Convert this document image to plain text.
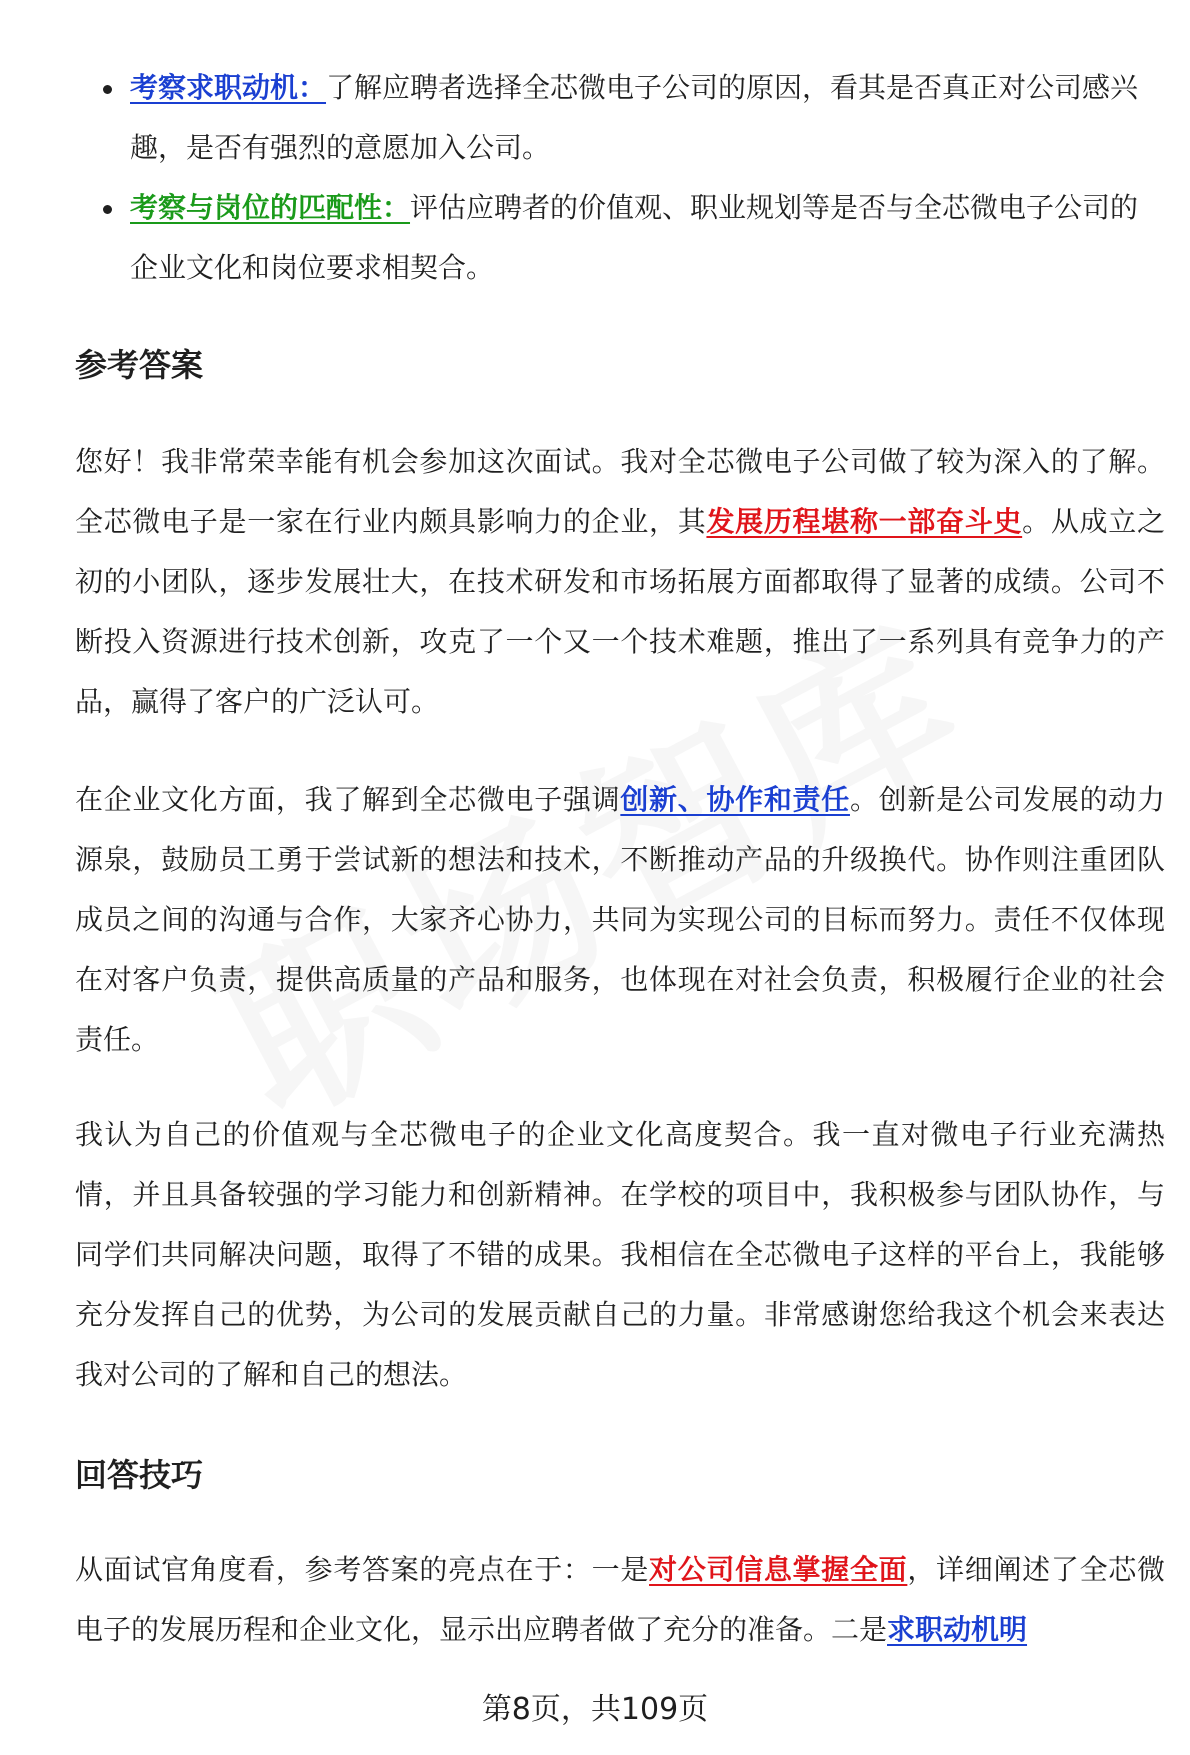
考察求职动机：了解应聘者选择全芯微电子公司的原因，看其是否真正对公司感兴趣，是否有强烈的意愿加入公司。
考察与岗位的匹配性：评估应聘者的价值观、职业规划等是否与全芯微电子公司的企业文化和岗位要求相契合。
参考答案

您好！我非常荣幸能有机会参加这次面试。我对全芯微电子公司做了较为深入的了解。全芯微电子是一家在行业内颇具影响力的企业，其发展历程堪称一部奋斗史。从成立之初的小团队，逐步发展壮大，在技术研发和市场拓展方面都取得了显著的成绩。公司不断投入资源进行技术创新，攻克了一个又一个技术难题，推出了一系列具有竞争力的产品，赢得了客户的广泛认可。

在企业文化方面，我了解到全芯微电子强调创新、协作和责任。创新是公司发展的动力源泉，鼓励员工勇于尝试新的想法和技术，不断推动产品的升级换代。协作则注重团队成员之间的沟通与合作，大家齐心协力，共同为实现公司的目标而努力。责任不仅体现在对客户负责，提供高质量的产品和服务，也体现在对社会负责，积极履行企业的社会责任。

我认为自己的价值观与全芯微电子的企业文化高度契合。我一直对微电子行业充满热情，并且具备较强的学习能力和创新精神。在学校的项目中，我积极参与团队协作，与同学们共同解决问题，取得了不错的成果。我相信在全芯微电子这样的平台上，我能够充分发挥自己的优势，为公司的发展贡献自己的力量。非常感谢您给我这个机会来表达我对公司的了解和自己的想法。

回答技巧

从面试官角度看，参考答案的亮点在于：一是对公司信息掌握全面，详细阐述了全芯微电子的发展历程和企业文化，显示出应聘者做了充分的准备。二是求职动机明

第8页，共109页
